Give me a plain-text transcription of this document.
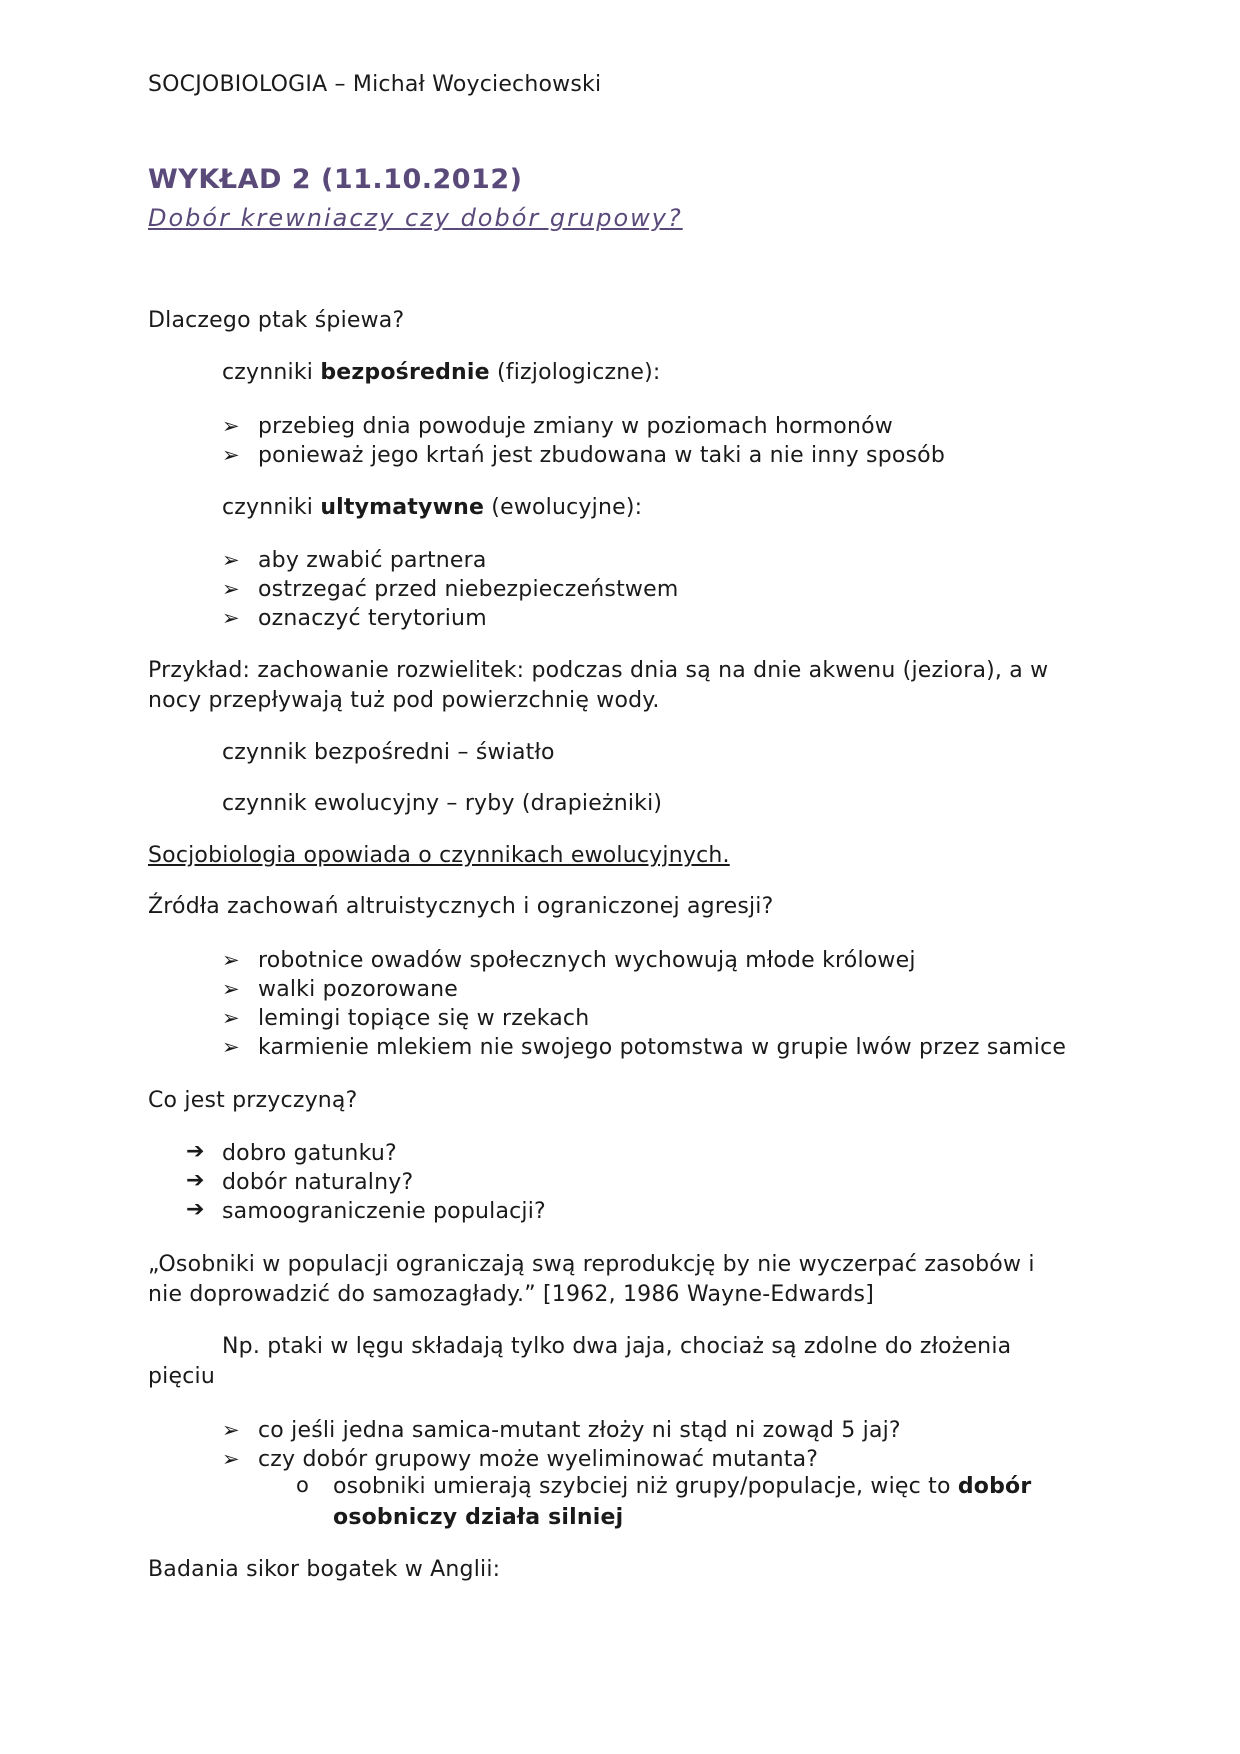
SOCJOBIOLOGIA – Michał Woyciechowski
WYKŁAD 2 (11.10.2012)
Dobór krewniaczy czy dobór grupowy?
Dlaczego ptak śpiewa?
czynniki bezpośrednie (fizjologiczne):
➢ przebieg dnia powoduje zmiany w poziomach hormonów
➢ ponieważ jego krtań jest zbudowana w taki a nie inny sposób
czynniki ultymatywne (ewolucyjne):
➢ aby zwabić partnera
➢ ostrzegać przed niebezpieczeństwem
➢ oznaczyć terytorium
Przykład: zachowanie rozwielitek: podczas dnia są na dnie akwenu (jeziora), a w
nocy przepływają tuż pod powierzchnię wody.
czynnik bezpośredni – światło
czynnik ewolucyjny – ryby (drapieżniki)
Socjobiologia opowiada o czynnikach ewolucyjnych.
Źródła zachowań altruistycznych i ograniczonej agresji?
➢ robotnice owadów społecznych wychowują młode królowej
➢ walki pozorowane
➢ lemingi topiące się w rzekach
➢ karmienie mlekiem nie swojego potomstwa w grupie lwów przez samice
Co jest przyczyną?
➔ dobro gatunku?
➔ dobór naturalny?
➔ samoograniczenie populacji?
„Osobniki w populacji ograniczają swą reprodukcję by nie wyczerpać zasobów i
nie doprowadzić do samozagłady.” [1962, 1986 Wayne-Edwards]
Np. ptaki w lęgu składają tylko dwa jaja, chociaż są zdolne do złożenia
pięciu
➢ co jeśli jedna samica-mutant złoży ni stąd ni zowąd 5 jaj?
➢ czy dobór grupowy może wyeliminować mutanta?
o osobniki umierają szybciej niż grupy/populacje, więc to dobór
osobniczy działa silniej
Badania sikor bogatek w Anglii:
